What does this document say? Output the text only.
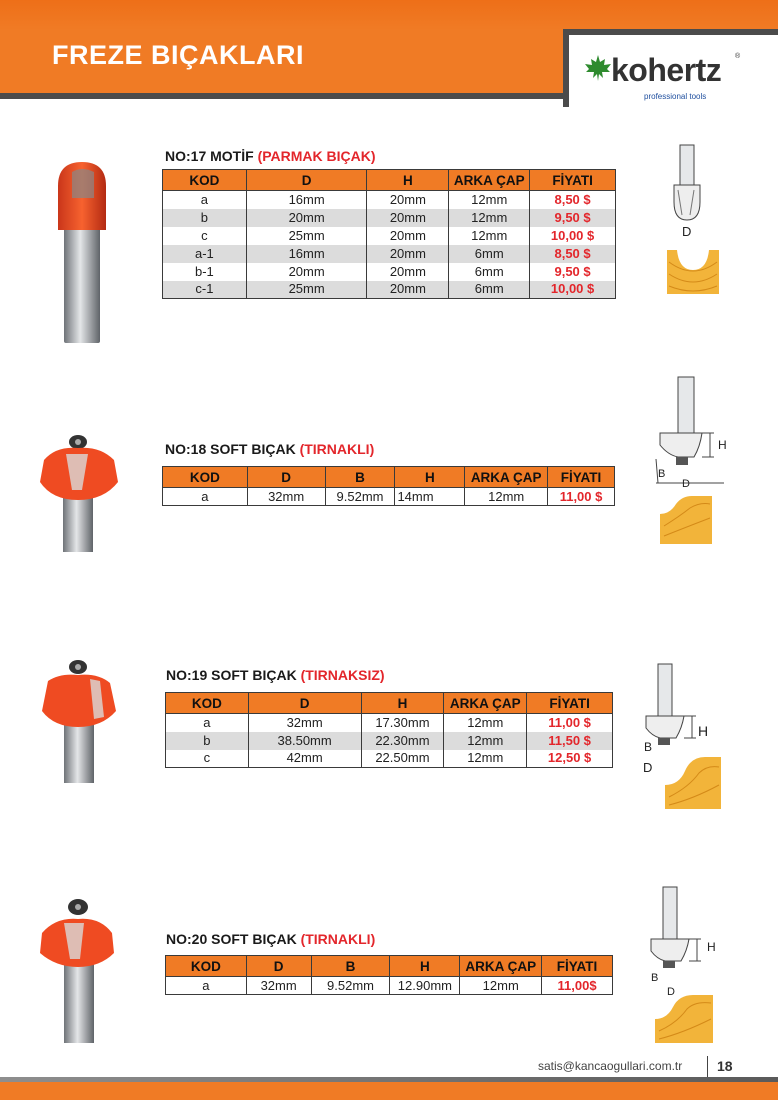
FREZE BIÇAKLARI	kohertz ®
professional tools
NO:17 MOTİF (PARMAK BIÇAK)
KOD	D	H	ARKA ÇAP	FİYATI
a	16mm	20mm	12mm	8,50 $
b	20mm	20mm	12mm	9,50 $
c	25mm	20mm	12mm	10,00 $
a-1	16mm	20mm	6mm	8,50 $
b-1	20mm	20mm	6mm	9,50 $
c-1	25mm	20mm	6mm	10,00 $
D
NO:18 SOFT BIÇAK (TIRNAKLI)
KOD	D	B	H	ARKA ÇAP	FİYATI
a	32mm	9.52mm	14mm	12mm	11,00 $
H
B
D
NO:19 SOFT BIÇAK (TIRNAKSIZ)
KOD	D	H	ARKA ÇAP	FİYATI
a	32mm	17.30mm	12mm	11,00 $
b	38.50mm	22.30mm	12mm	11,50 $
c	42mm	22.50mm	12mm	12,50 $
H
B
D
NO:20 SOFT BIÇAK (TIRNAKLI)
KOD	D	B	H	ARKA ÇAP	FİYATI
a	32mm	9.52mm	12.90mm	12mm	11,00$
H
B
D
satis@kancaogullari.com.tr 18
